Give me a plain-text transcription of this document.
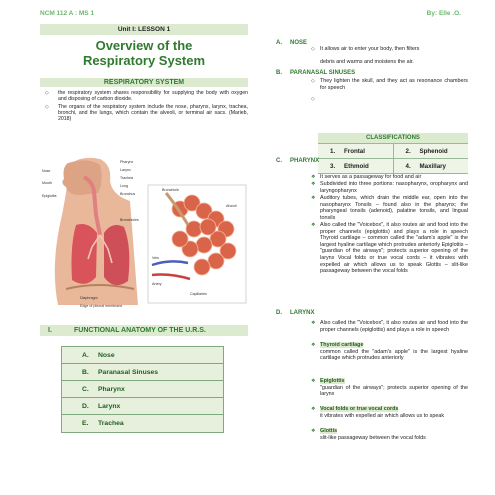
NCM 112 A : MS 1	By: Elle .O.
Unit I: LESSON 1
Overview of the
Respiratory System
RESPIRATORY SYSTEM
◇ the respiratory system shares responsibility for supplying the body with oxygen and disposing of carbon dioxide.
◇ The organs of the respiratory system include the nose, pharynx, larynx, trachea, bronchi, and the lungs, which contain the alveoli, or terminal air sacs. (Marieb, 2018)
Nose
Mouth
Epiglottis
Pharynx
Larynx
Trachea
Lung
Bronchus
Bronchioles
Diaphragm
Edge of pleural membrane
Bronchiole
Alveoli
Vein
Artery
Capillaries
I.	FUNCTIONAL ANATOMY OF THE U.R.S.
A. Nose
B. Paranasal Sinuses
C. Pharynx
D. Larynx
E. Trachea
A. NOSE
◇ It allows air to enter your body, then filters
debris and warms and moistens the air.
B. PARANASAL SINUSES
◇ They lighten the skull, and they act as resonance chambers for speech
◇
CLASSIFICATIONS
1. Frontal	2. Sphenoid
3. Ethmoid	4. Maxillary
C. PHARYNX
❖ It serves as a passageway for food and air
❖ Subdivided into three portions: nasopharynx, oropharynx and laryngopharynx
❖ Auditory tubes, which drain the middle ear, open into the nasopharynx Tonsils – found also in the pharynx; the pharyngeal tonsils (adenoid), palatine tonsils, and lingual tonsils
❖ Also called the "Voicebox", it also routes air and food into the proper channels (epiglottis) and plays a role in speech Thyroid cartilage – common called the "adam's apple" is the largest hyaline cartilage which protrudes anteriorly Epiglottis – "guardian of the airways"; protects superior opening of the larynx Vocal folds or true vocal cords – it vibrates with expelled air which allows us to speak Glottis – slit-like passageway between the vocal folds
D. LARYNX
❖ Also called the "Voicebox", it also routes air and food into the proper channels (epiglottis) and plays a role in speech
❖ Thyroid cartilage
common called the "adam's apple" is the largest hyaline cartilage which protrudes anteriorly
❖ Epiglottis
"guardian of the airways"; protects superior opening of the larynx
❖ Vocal folds or true vocal cords
it vibrates with expelled air which allows us to speak
❖ Glottis
slit-like passageway between the vocal folds
